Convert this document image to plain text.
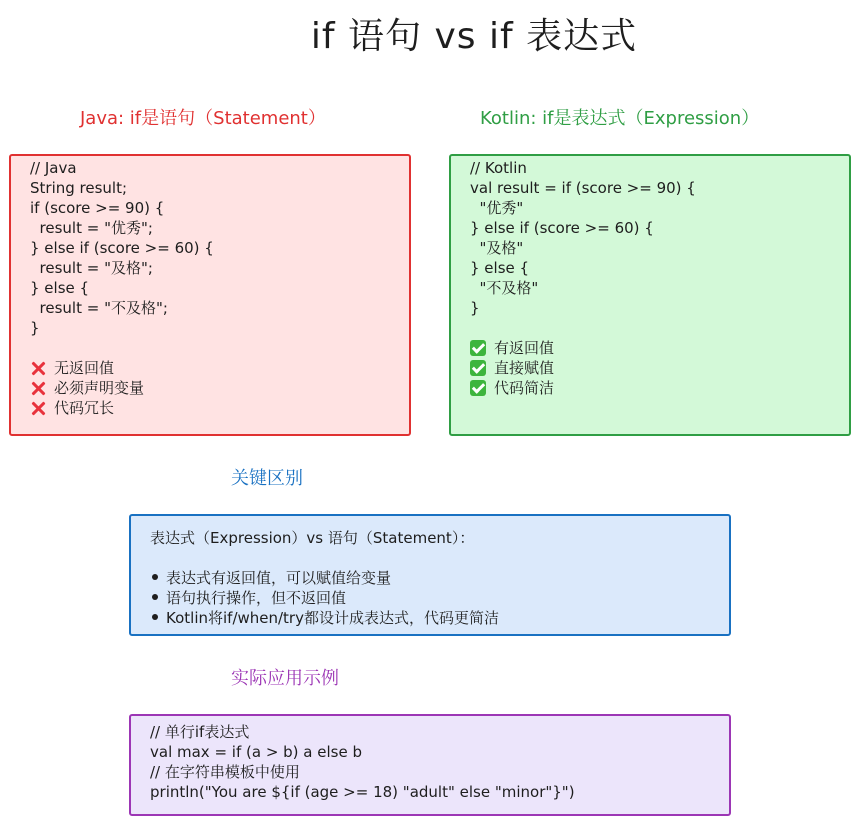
if 语句 vs if 表达式
Java: if是语句（Statement）	Kotlin: if是表达式（Expression）
// Java
String result;
if (score >= 90) {
result = "优秀";
} else if (score >= 60) {
result = "及格";
} else {
result = "不及格";
}
无返回值
必须声明变量
代码冗长
// Kotlin
val result = if (score >= 90) {
"优秀"
} else if (score >= 60) {
"及格"
} else {
"不及格"
}
有返回值
直接赋值
代码简洁
关键区别
表达式（Expression）vs 语句（Statement）：
表达式有返回值，可以赋值给变量
语句执行操作，但不返回值
Kotlin将if/when/try都设计成表达式，代码更简洁
实际应用示例
// 单行if表达式
val max = if (a > b) a else b
// 在字符串模板中使用
println("You are ${if (age >= 18) "adult" else "minor"}")
